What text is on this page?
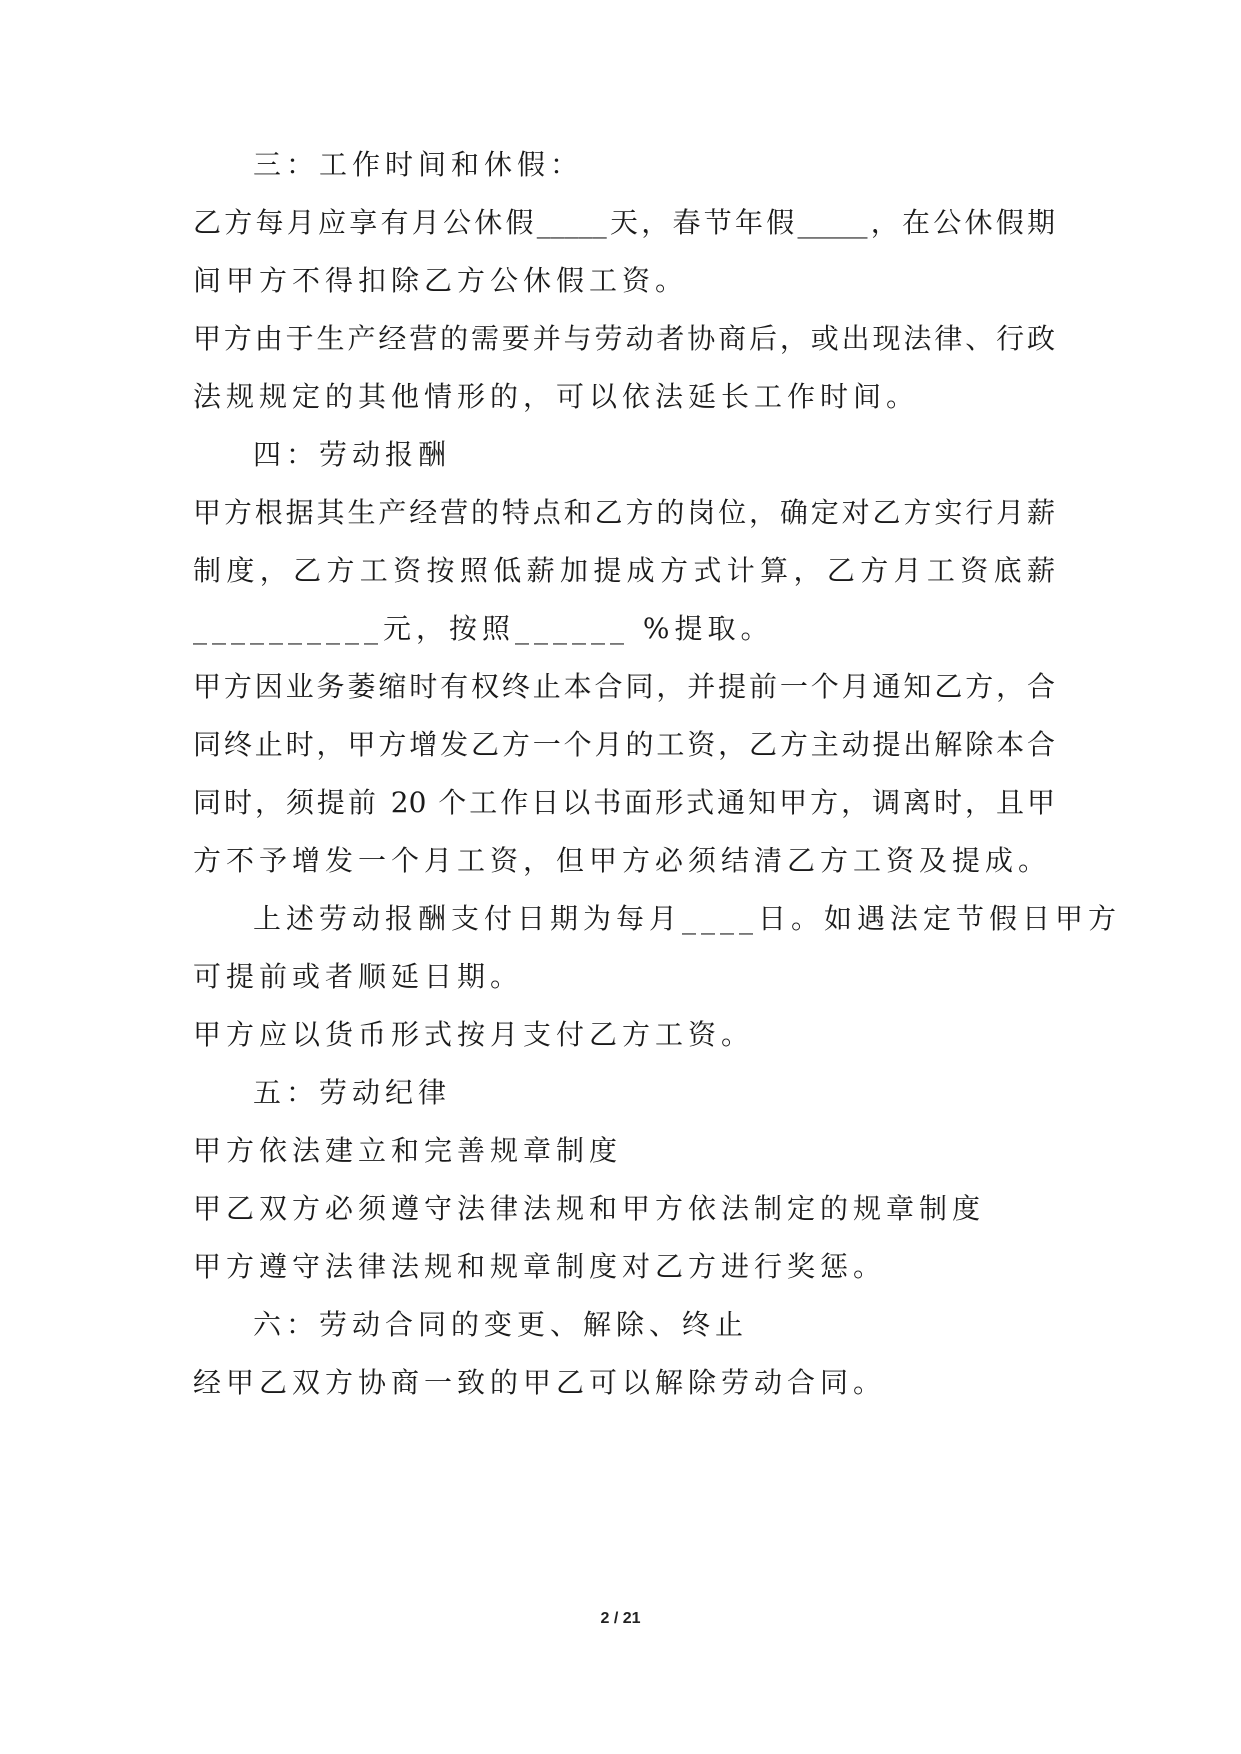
三：工作时间和休假：
乙方每月应享有月公休假_____天，春节年假_____，在公休假期
间甲方不得扣除乙方公休假工资。
甲方由于生产经营的需要并与劳动者协商后，或出现法律、行政
法规规定的其他情形的，可以依法延长工作时间。
四：劳动报酬
甲方根据其生产经营的特点和乙方的岗位，确定对乙方实行月薪
制度，乙方工资按照低薪加提成方式计算，乙方月工资底薪
__________元，按照______ %提取。
甲方因业务萎缩时有权终止本合同，并提前一个月通知乙方，合
同终止时，甲方增发乙方一个月的工资，乙方主动提出解除本合
同时，须提前 20 个工作日以书面形式通知甲方，调离时，且甲
方不予增发一个月工资，但甲方必须结清乙方工资及提成。
上述劳动报酬支付日期为每月____日。如遇法定节假日甲方
可提前或者顺延日期。
甲方应以货币形式按月支付乙方工资。
五：劳动纪律
甲方依法建立和完善规章制度
甲乙双方必须遵守法律法规和甲方依法制定的规章制度
甲方遵守法律法规和规章制度对乙方进行奖惩。
六：劳动合同的变更、解除、终止
经甲乙双方协商一致的甲乙可以解除劳动合同。
2 / 21
